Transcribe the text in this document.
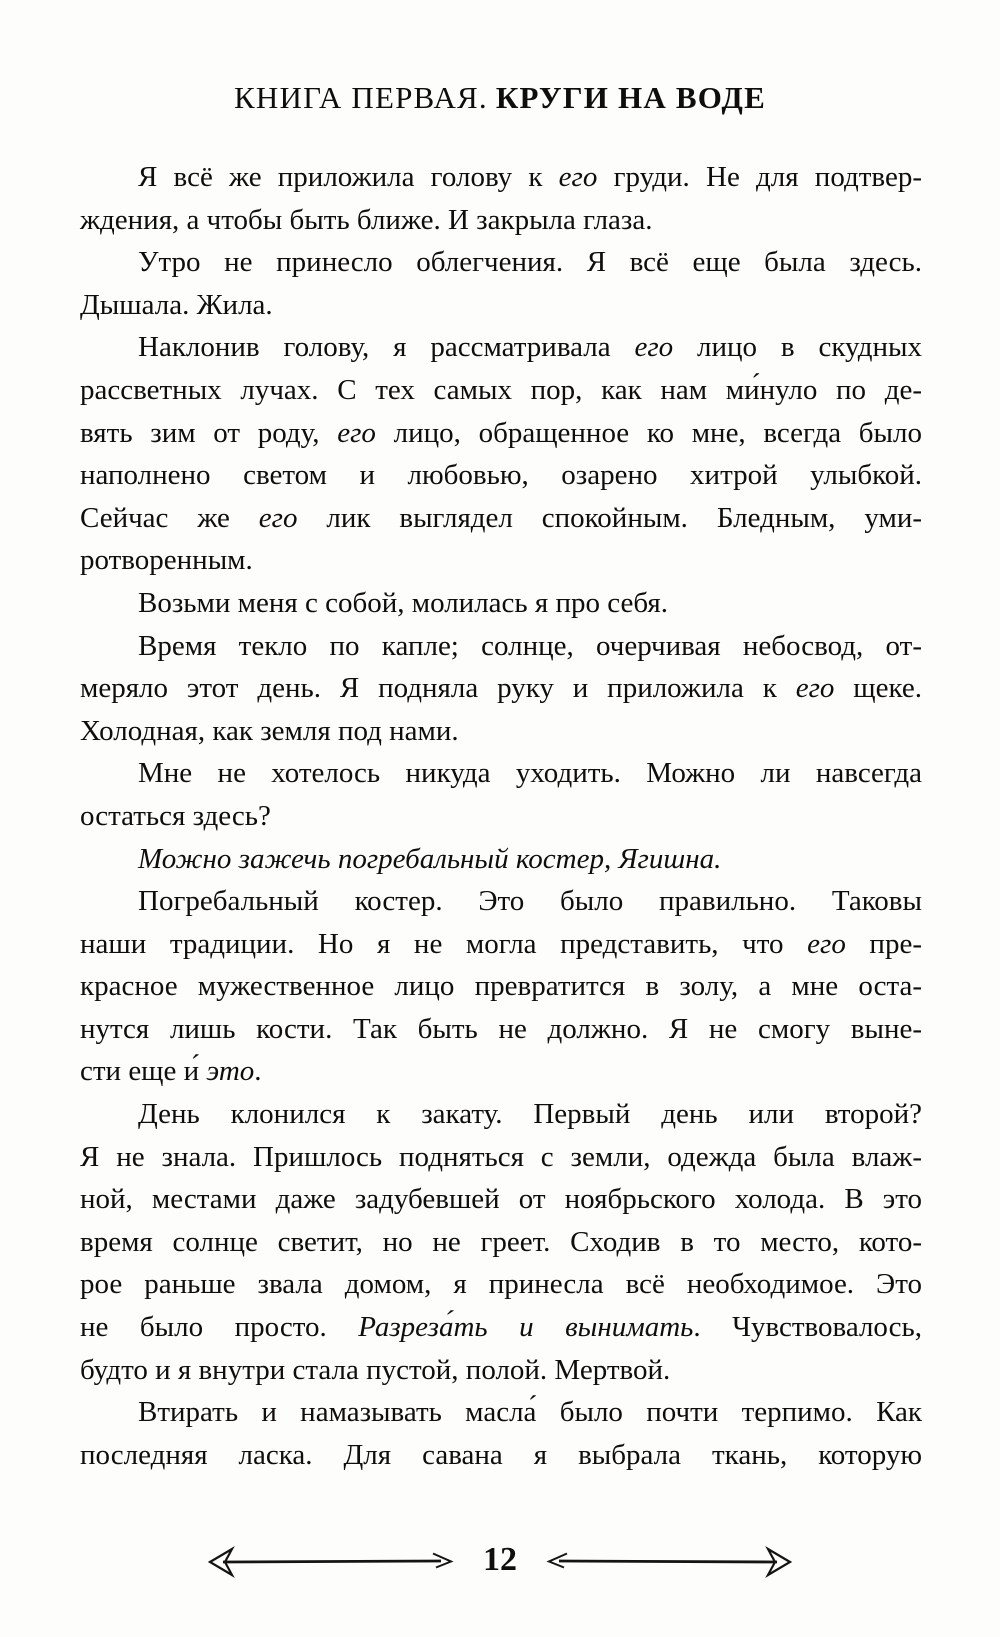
КНИГА ПЕРВАЯ. КРУГИ НА ВОДЕ

Я всё же приложила голову к его груди. Не для подтвер-
ждения, а чтобы быть ближе. И закрыла глаза.

Утро не принесло облегчения. Я всё еще была здесь.
Дышала. Жила.

Наклонив голову, я рассматривала его лицо в скудных
рассветных лучах. С тех самых пор, как нам ми́нуло по де-
вять зим от роду, его лицо, обращенное ко мне, всегда было
наполнено светом и любовью, озарено хитрой улыбкой.
Сейчас же его лик выглядел спокойным. Бледным, уми-
ротворенным.

Возьми меня с собой, молилась я про себя.

Время текло по капле; солнце, очерчивая небосвод, от-
меряло этот день. Я подняла руку и приложила к его щеке.
Холодная, как земля под нами.

Мне не хотелось никуда уходить. Можно ли навсегда
остаться здесь?

Можно зажечь погребальный костер, Ягишна.

Погребальный костер. Это было правильно. Таковы
наши традиции. Но я не могла представить, что его пре-
красное мужественное лицо превратится в золу, а мне оста-
нутся лишь кости. Так быть не должно. Я не смогу выне-
сти еще и́ это.

День клонился к закату. Первый день или второй?
Я не знала. Пришлось подняться с земли, одежда была влаж-
ной, местами даже задубевшей от ноябрьского холода. В это
время солнце светит, но не греет. Сходив в то место, кото-
рое раньше звала домом, я принесла всё необходимое. Это
не было просто. Разреза́ть и вынимать. Чувствовалось,
будто и я внутри стала пустой, полой. Мертвой.

Втирать и намазывать масла́ было почти терпимо. Как
последняя ласка. Для савана я выбрала ткань, которую

12
